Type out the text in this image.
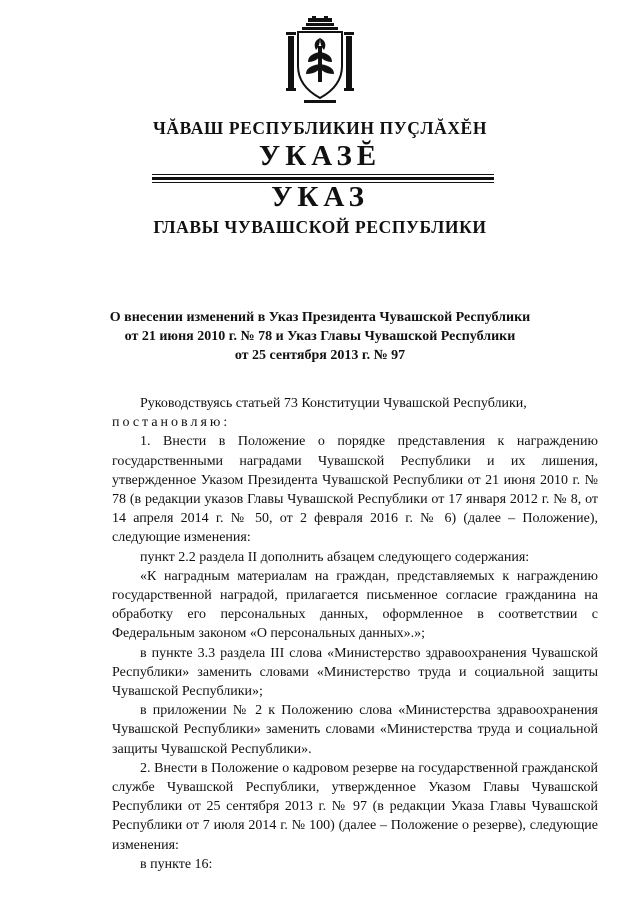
ЧĂВАШ РЕСПУБЛИКИН ПУÇЛĂХĔН
УКАЗĔ
УКАЗ
ГЛАВЫ ЧУВАШСКОЙ РЕСПУБЛИКИ
О внесении изменений в Указ Президента Чувашской Республики
от 21 июня 2010 г. № 78 и Указ Главы Чувашской Республики
от 25 сентября 2013 г. № 97

Руководствуясь статьей 73 Конституции Чувашской Республики,

постановляю:

1. Внести в Положение о порядке представления к награждению государственными наградами Чувашской Республики и их лишения, утвержденное Указом Президента Чувашской Республики от 21 июня 2010 г. № 78 (в редакции указов Главы Чувашской Республики от 17 января 2012 г. № 8, от 14 апреля 2014 г. № 50, от 2 февраля 2016 г. № 6) (далее – Положение), следующие изменения:

пункт 2.2 раздела II дополнить абзацем следующего содержания:

«К наградным материалам на граждан, представляемых к награждению государственной наградой, прилагается письменное согласие гражданина на обработку его персональных данных, оформленное в соответствии с Федеральным законом «О персональных данных».»;

в пункте 3.3 раздела III слова «Министерство здравоохранения Чувашской Республики» заменить словами «Министерство труда и социальной защиты Чувашской Республики»;

в приложении № 2 к Положению слова «Министерства здравоохранения Чувашской Республики» заменить словами «Министерства труда и социальной защиты Чувашской Республики».

2. Внести в Положение о кадровом резерве на государственной гражданской службе Чувашской Республики, утвержденное Указом Главы Чувашской Республики от 25 сентября 2013 г. № 97 (в редакции Указа Главы Чувашской Республики от 7 июля 2014 г. № 100) (далее – Положение о резерве), следующие изменения:

в пункте 16:
